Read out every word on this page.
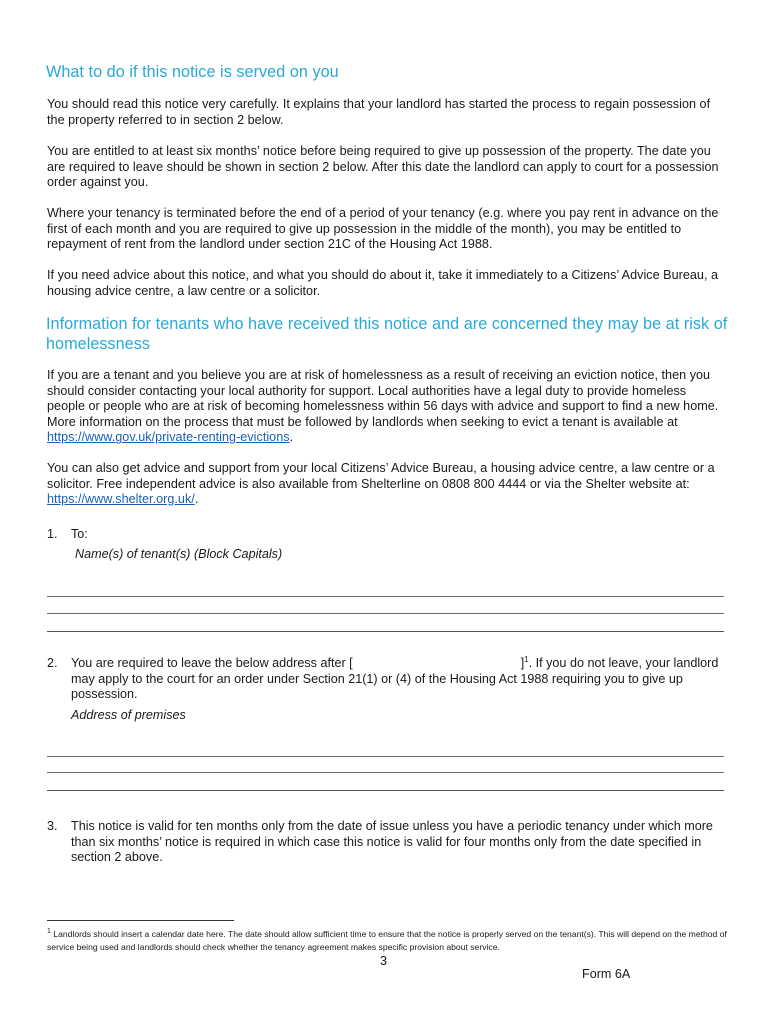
What to do if this notice is served on you

You should read this notice very carefully. It explains that your landlord has started the process to regain possession of the property referred to in section 2 below.

You are entitled to at least six months’ notice before being required to give up possession of the property. The date you are required to leave should be shown in section 2 below. After this date the landlord can apply to court for a possession order against you.

Where your tenancy is terminated before the end of a period of your tenancy (e.g. where you pay rent in advance on the first of each month and you are required to give up possession in the middle of the month), you may be entitled to repayment of rent from the landlord under section 21C of the Housing Act 1988.

If you need advice about this notice, and what you should do about it, take it immediately to a Citizens’ Advice Bureau, a housing advice centre, a law centre or a solicitor.

Information for tenants who have received this notice and are concerned they may be at risk of homelessness

If you are a tenant and you believe you are at risk of homelessness as a result of receiving an eviction notice, then you should consider contacting your local authority for support. Local authorities have a legal duty to provide homeless people or people who are at risk of becoming homelessness within 56 days with advice and support to find a new home. More information on the process that must be followed by landlords when seeking to evict a tenant is available at https://www.gov.uk/private-renting-evictions.

You can also get advice and support from your local Citizens’ Advice Bureau, a housing advice centre, a law centre or a solicitor. Free independent advice is also available from Shelterline on 0808 800 4444 or via the Shelter website at: https://www.shelter.org.uk/.

1. To:
Name(s) of tenant(s) (Block Capitals)
2. You are required to leave the below address after [	]$^1$. If you do not leave, your landlord may apply to the court for an order under Section 21(1) or (4) of the Housing Act 1988 requiring you to give up possession.
Address of premises
3. This notice is valid for ten months only from the date of issue unless you have a periodic tenancy under which more than six months’ notice is required in which case this notice is valid for four months only from the date specified in section 2 above.
$^1$ Landlords should insert a calendar date here. The date should allow sufficient time to ensure that the notice is properly served on the tenant(s). This will depend on the method of service being used and landlords should check whether the tenancy agreement makes specific provision about service.
3
Form 6A
